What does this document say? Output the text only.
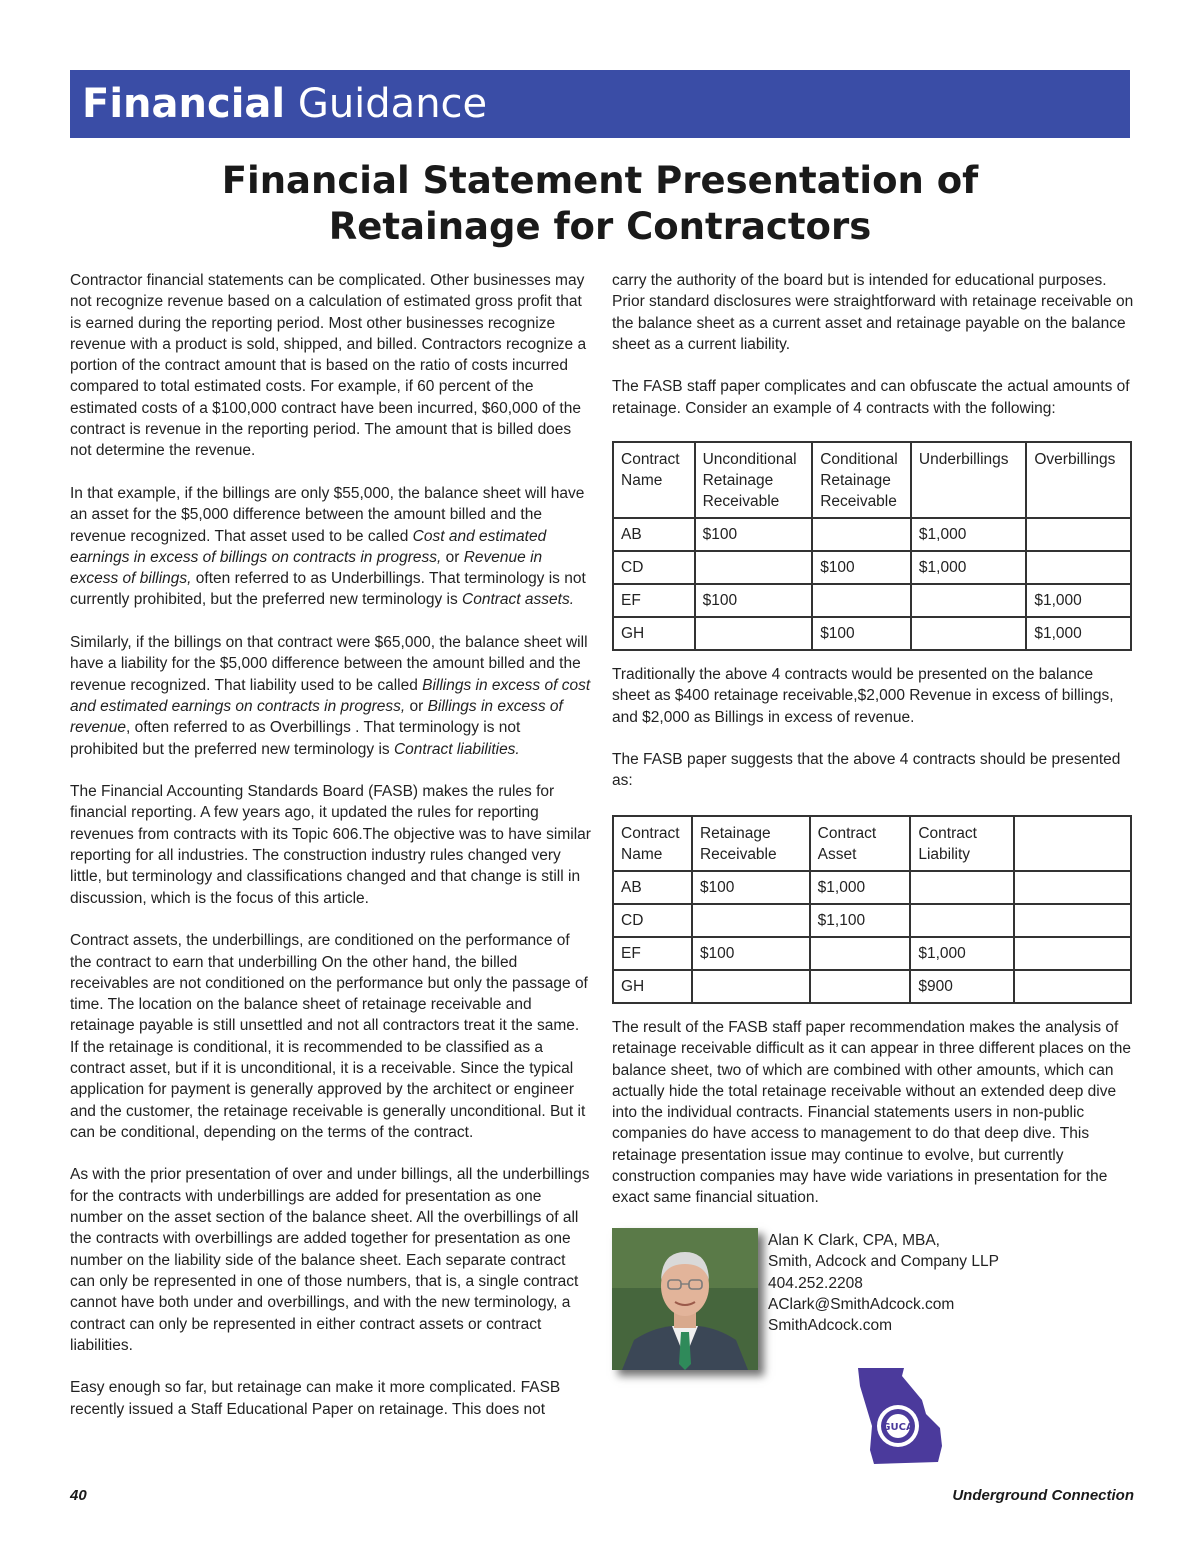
Financial Guidance
Financial Statement Presentation of
Retainage for Contractors

Contractor financial statements can be complicated. Other businesses may not recognize revenue based on a calculation of estimated gross profit that is earned during the reporting period. Most other businesses recognize revenue with a product is sold, shipped, and billed. Contractors recognize a portion of the contract amount that is based on the ratio of costs incurred compared to total estimated costs. For example, if 60 percent of the estimated costs of a $100,000 contract have been incurred, $60,000 of the contract is revenue in the reporting period. The amount that is billed does not determine the revenue.

In that example, if the billings are only $55,000, the balance sheet will have an asset for the $5,000 difference between the amount billed and the revenue recognized. That asset used to be called Cost and estimated earnings in excess of billings on contracts in progress, or Revenue in excess of billings, often referred to as Underbillings. That terminology is not currently prohibited, but the preferred new terminology is Contract assets.

Similarly, if the billings on that contract were $65,000, the balance sheet will have a liability for the $5,000 difference between the amount billed and the revenue recognized. That liability used to be called Billings in excess of cost and estimated earnings on contracts in progress, or Billings in excess of revenue, often referred to as Overbillings . That terminology is not prohibited but the preferred new terminology is Contract liabilities.

The Financial Accounting Standards Board (FASB) makes the rules for financial reporting. A few years ago, it updated the rules for reporting revenues from contracts with its Topic 606.The objective was to have similar reporting for all industries. The construction industry rules changed very little, but terminology and classifications changed and that change is still in discussion, which is the focus of this article.

Contract assets, the underbillings, are conditioned on the performance of the contract to earn that underbilling On the other hand, the billed receivables are not conditioned on the performance but only the passage of time. The location on the balance sheet of retainage receivable and retainage payable is still unsettled and not all contractors treat it the same. If the retainage is conditional, it is recommended to be classified as a contract asset, but if it is unconditional, it is a receivable. Since the typical application for payment is generally approved by the architect or engineer and the customer, the retainage receivable is generally unconditional. But it can be conditional, depending on the terms of the contract.

As with the prior presentation of over and under billings, all the underbillings for the contracts with underbillings are added for presentation as one number on the asset section of the balance sheet. All the overbillings of all the contracts with overbillings are added together for presentation as one number on the liability side of the balance sheet. Each separate contract can only be represented in one of those numbers, that is, a single contract cannot have both under and overbillings, and with the new terminology, a contract can only be represented in either contract assets or contract liabilities.

Easy enough so far, but retainage can make it more complicated. FASB recently issued a Staff Educational Paper on retainage. This does not

carry the authority of the board but is intended for educational purposes. Prior standard disclosures were straightforward with retainage receivable on the balance sheet as a current asset and retainage payable on the balance sheet as a current liability.

The FASB staff paper complicates and can obfuscate the actual amounts of retainage. Consider an example of 4 contracts with the following:

Contract Name	Unconditional Retainage Receivable	Conditional Retainage Receivable	Underbillings	Overbillings
AB	$100		$1,000	
CD		$100	$1,000	
EF	$100			$1,000
GH		$100		$1,000

Traditionally the above 4 contracts would be presented on the balance sheet as $400 retainage receivable,$2,000 Revenue in excess of billings, and $2,000 as Billings in excess of revenue.

The FASB paper suggests that the above 4 contracts should be presented as:

Contract Name	Retainage Receivable	Contract Asset	Contract Liability	
AB	$100	$1,000		
CD		$1,100		
EF	$100		$1,000	
GH			$900	

The result of the FASB staff paper recommendation makes the analysis of retainage receivable difficult as it can appear in three different places on the balance sheet, two of which are combined with other amounts, which can actually hide the total retainage receivable without an extended deep dive into the individual contracts. Financial statements users in non-public companies do have access to management to do that deep dive. This retainage presentation issue may continue to evolve, but currently construction companies may have wide variations in presentation for the exact same financial situation.

Alan K Clark, CPA, MBA,
Smith, Adcock and Company LLP
404.252.2208
AClark@SmithAdcock.com
SmithAdcock.com
GUCA
40	Underground Connection
